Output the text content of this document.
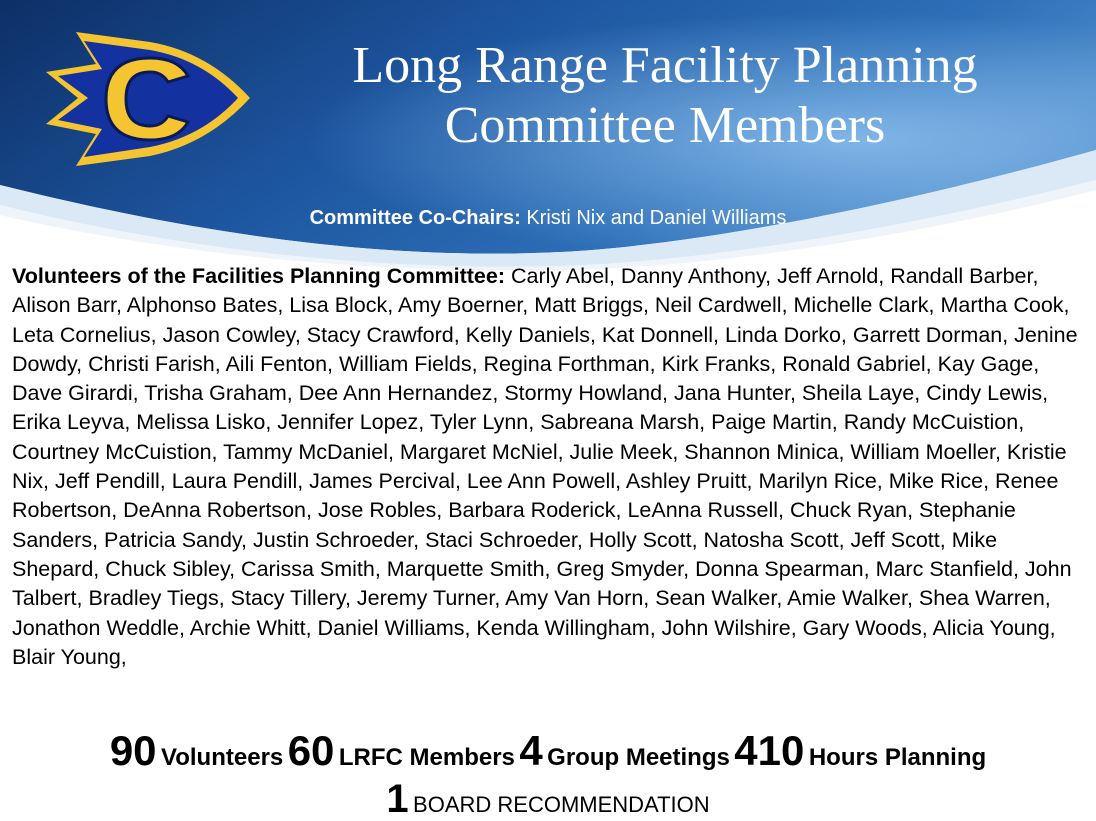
Long Range Facility Planning
Committee Members
Committee Co-Chairs: Kristi Nix and Daniel Williams
Volunteers of the Facilities Planning Committee: Carly Abel, Danny Anthony, Jeff Arnold, Randall Barber, Alison Barr, Alphonso Bates, Lisa Block, Amy Boerner, Matt Briggs, Neil Cardwell, Michelle Clark, Martha Cook, Leta Cornelius, Jason Cowley, Stacy Crawford, Kelly Daniels, Kat Donnell, Linda Dorko, Garrett Dorman, Jenine Dowdy, Christi Farish, Aili Fenton, William Fields, Regina Forthman, Kirk Franks, Ronald Gabriel, Kay Gage, Dave Girardi, Trisha Graham, Dee Ann Hernandez, Stormy Howland, Jana Hunter, Sheila Laye, Cindy Lewis, Erika Leyva, Melissa Lisko, Jennifer Lopez, Tyler Lynn, Sabreana Marsh, Paige Martin, Randy McCuistion, Courtney McCuistion, Tammy McDaniel, Margaret McNiel, Julie Meek, Shannon Minica, William Moeller, Kristie Nix, Jeff Pendill, Laura Pendill, James Percival, Lee Ann Powell, Ashley Pruitt, Marilyn Rice, Mike Rice, Renee Robertson, DeAnna Robertson, Jose Robles, Barbara Roderick, LeAnna Russell, Chuck Ryan, Stephanie Sanders, Patricia Sandy, Justin Schroeder, Staci Schroeder, Holly Scott, Natosha Scott, Jeff Scott, Mike Shepard, Chuck Sibley, Carissa Smith, Marquette Smith, Greg Smyder, Donna Spearman, Marc Stanfield, John Talbert, Bradley Tiegs, Stacy Tillery, Jeremy Turner, Amy Van Horn, Sean Walker, Amie Walker, Shea Warren, Jonathon Weddle, Archie Whitt, Daniel Williams, Kenda Willingham, John Wilshire, Gary Woods, Alicia Young, Blair Young,
90 Volunteers 60 LRFC Members 4 Group Meetings 410 Hours Planning
1 BOARD RECOMMENDATION
